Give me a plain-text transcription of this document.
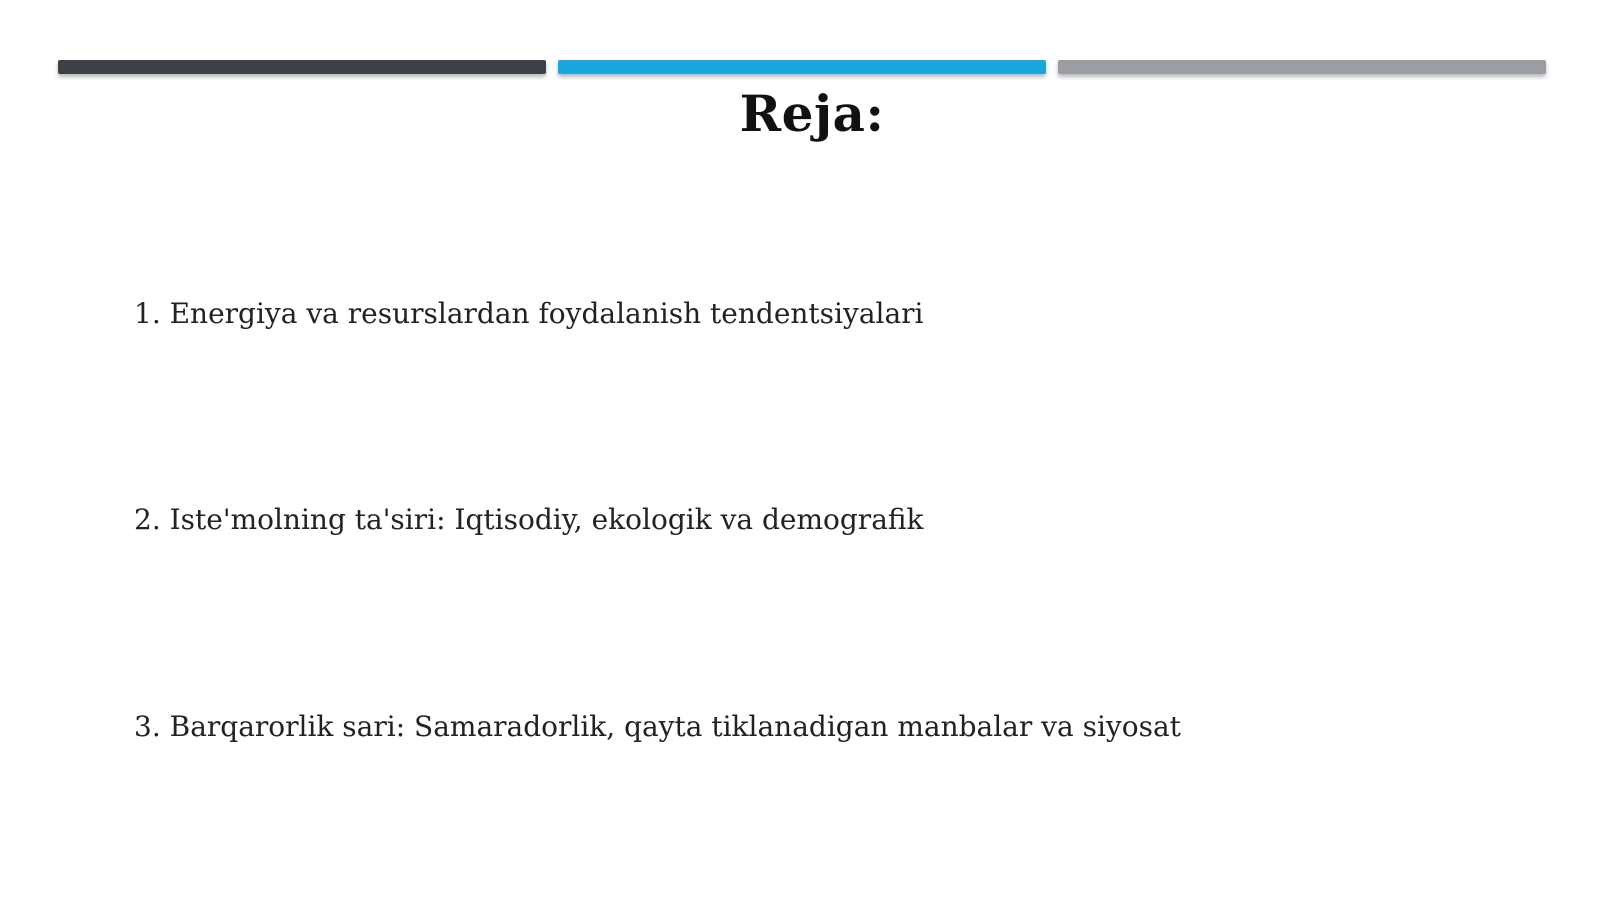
Reja:
1. Energiya va resurslardan foydalanish tendentsiyalari
2. Iste'molning ta'siri: Iqtisodiy, ekologik va demografik
3. Barqarorlik sari: Samaradorlik, qayta tiklanadigan manbalar va siyosat
